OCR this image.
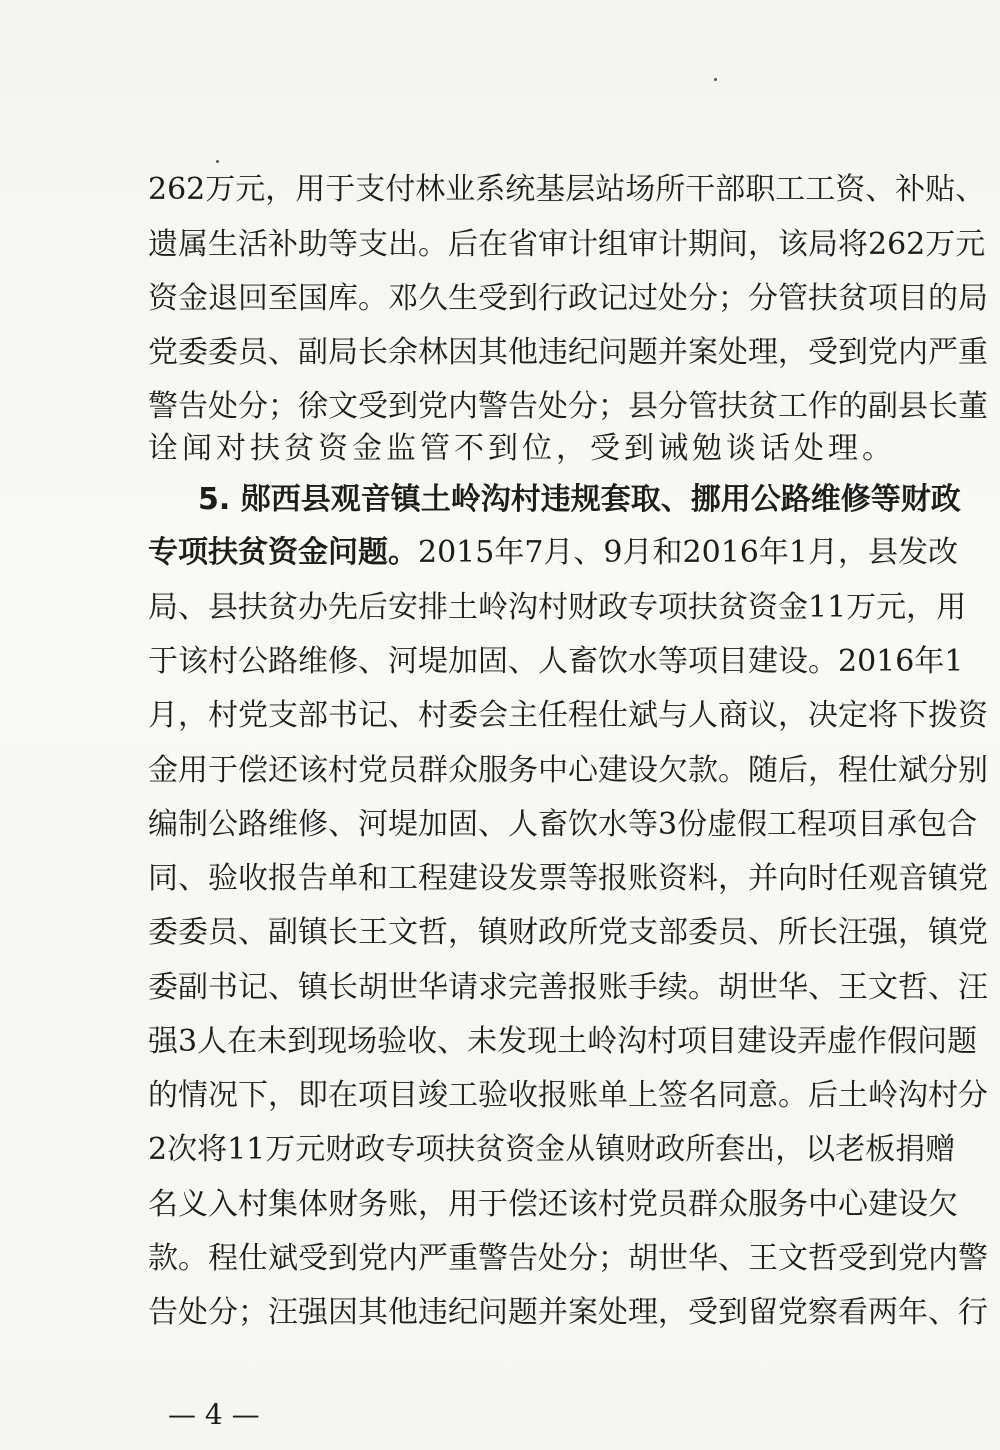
262万元，用于支付林业系统基层站场所干部职工工资、补贴、
遗属生活补助等支出。后在省审计组审计期间，该局将262万元
资金退回至国库。邓久生受到行政记过处分；分管扶贫项目的局
党委委员、副局长余林因其他违纪问题并案处理，受到党内严重
警告处分；徐文受到党内警告处分；县分管扶贫工作的副县长董
诠闻对扶贫资金监管不到位，受到诫勉谈话处理。
5. 郧西县观音镇土岭沟村违规套取、挪用公路维修等财政
专项扶贫资金问题。2015年7月、9月和2016年1月，县发改
局、县扶贫办先后安排土岭沟村财政专项扶贫资金11万元，用
于该村公路维修、河堤加固、人畜饮水等项目建设。2016年1
月，村党支部书记、村委会主任程仕斌与人商议，决定将下拨资
金用于偿还该村党员群众服务中心建设欠款。随后，程仕斌分别
编制公路维修、河堤加固、人畜饮水等3份虚假工程项目承包合
同、验收报告单和工程建设发票等报账资料，并向时任观音镇党
委委员、副镇长王文哲，镇财政所党支部委员、所长汪强，镇党
委副书记、镇长胡世华请求完善报账手续。胡世华、王文哲、汪
强3人在未到现场验收、未发现土岭沟村项目建设弄虚作假问题
的情况下，即在项目竣工验收报账单上签名同意。后土岭沟村分
2次将11万元财政专项扶贫资金从镇财政所套出，以老板捐赠
名义入村集体财务账，用于偿还该村党员群众服务中心建设欠
款。程仕斌受到党内严重警告处分；胡世华、王文哲受到党内警
告处分；汪强因其他违纪问题并案处理，受到留党察看两年、行
— 4 —
